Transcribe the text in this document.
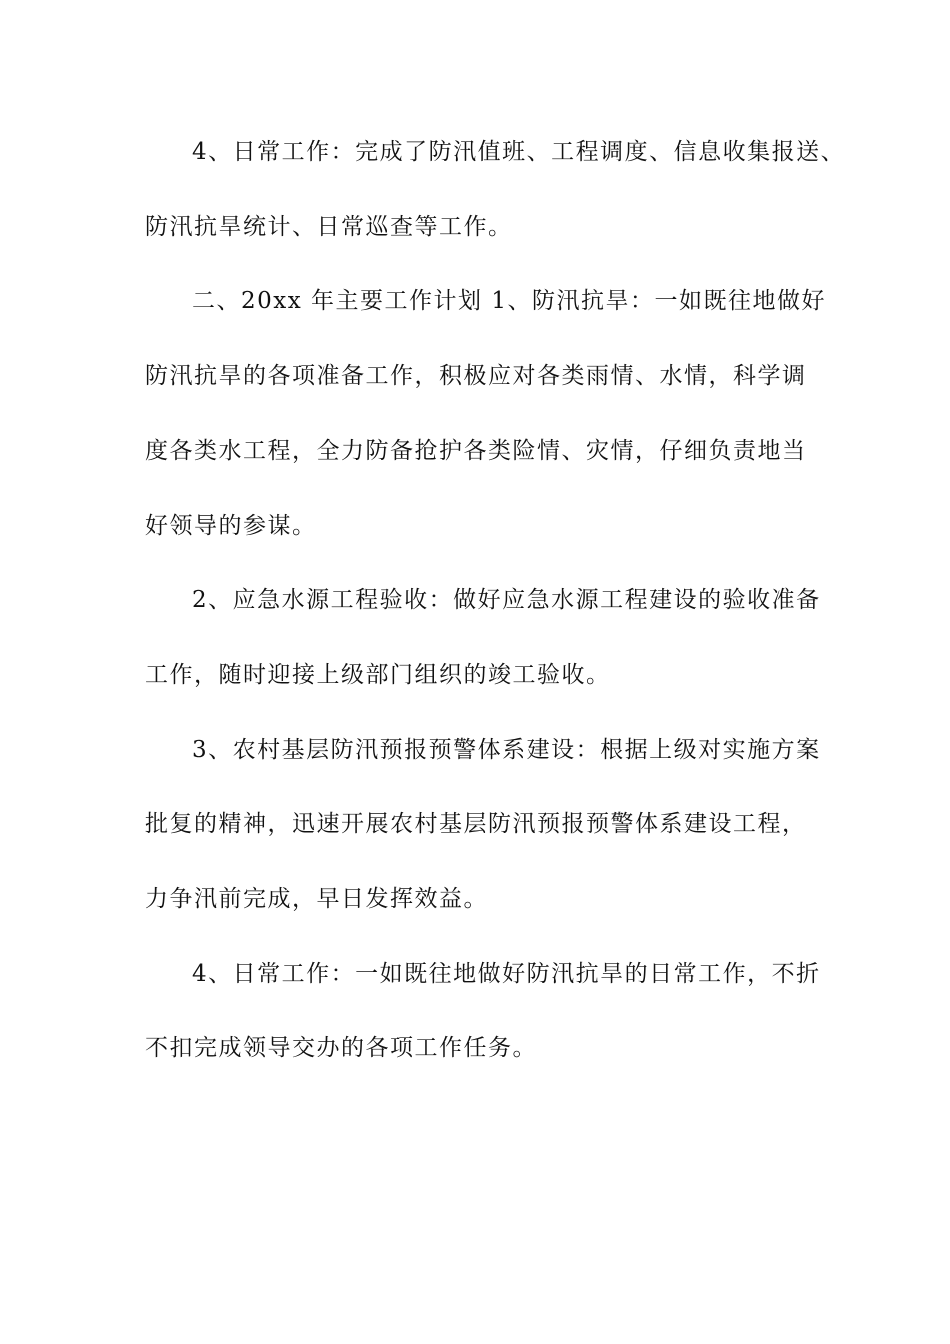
4、日常工作：完成了防汛值班、工程调度、信息收集报送、
防汛抗旱统计、日常巡查等工作。
二、20xx 年主要工作计划 1、防汛抗旱：一如既往地做好
防汛抗旱的各项准备工作，积极应对各类雨情、水情，科学调
度各类水工程，全力防备抢护各类险情、灾情，仔细负责地当
好领导的参谋。
2、应急水源工程验收：做好应急水源工程建设的验收准备
工作，随时迎接上级部门组织的竣工验收。
3、农村基层防汛预报预警体系建设：根据上级对实施方案
批复的精神，迅速开展农村基层防汛预报预警体系建设工程，
力争汛前完成，早日发挥效益。
4、日常工作：一如既往地做好防汛抗旱的日常工作，不折
不扣完成领导交办的各项工作任务。
